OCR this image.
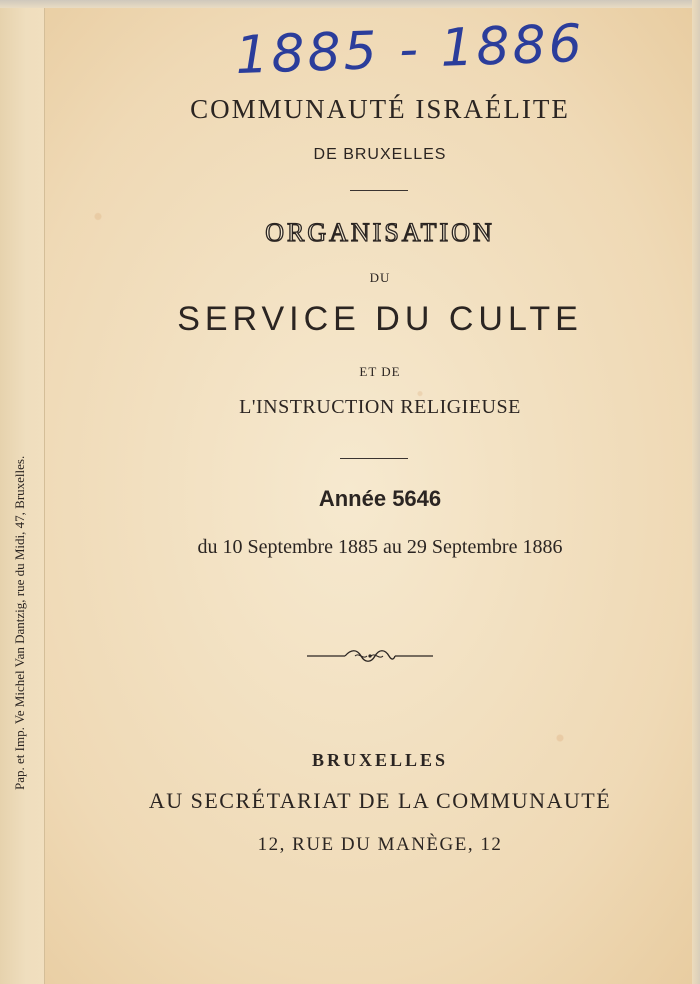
1885 - 1886
COMMUNAUTÉ ISRAÉLITE
DE BRUXELLES
ORGANISATION
DU
SERVICE DU CULTE
ET DE
L'INSTRUCTION RELIGIEUSE
Année 5646
du 10 Septembre 1885 au 29 Septembre 1886
BRUXELLES
AU SECRÉTARIAT DE LA COMMUNAUTÉ
12, RUE DU MANÈGE, 12
Pap. et Imp. Ve Michel Van Dantzig, rue du Midi, 47, Bruxelles.
